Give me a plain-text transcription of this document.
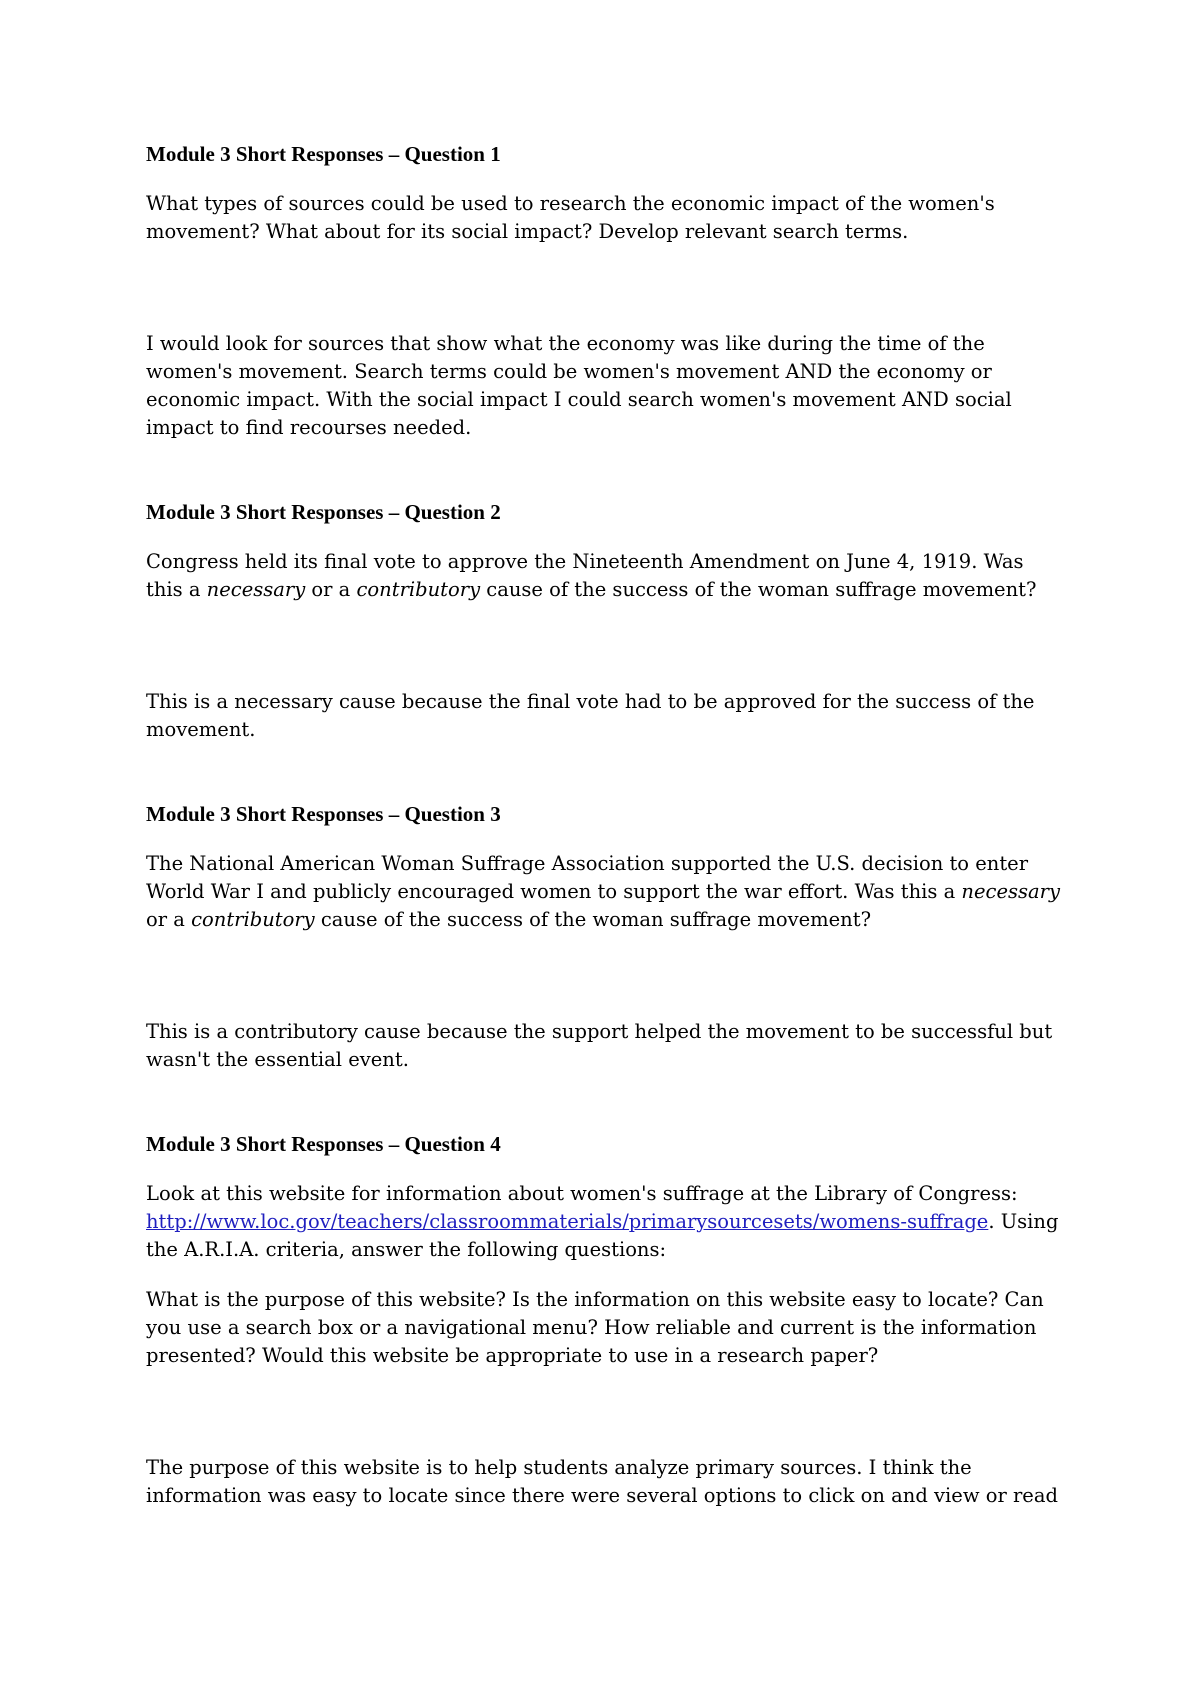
Module 3 Short Responses – Question 1

What types of sources could be used to research the economic impact of the women's movement? What about for its social impact? Develop relevant search terms.

I would look for sources that show what the economy was like during the time of the women's movement. Search terms could be women's movement AND the economy or economic impact. With the social impact I could search women's movement AND social impact to find recourses needed.

Module 3 Short Responses – Question 2

Congress held its final vote to approve the Nineteenth Amendment on June 4, 1919. Was this a necessary or a contributory cause of the success of the woman suffrage movement?

This is a necessary cause because the final vote had to be approved for the success of the movement.

Module 3 Short Responses – Question 3

The National American Woman Suffrage Association supported the U.S. decision to enter World War I and publicly encouraged women to support the war effort. Was this a necessary or a contributory cause of the success of the woman suffrage movement?

This is a contributory cause because the support helped the movement to be successful but wasn't the essential event.

Module 3 Short Responses – Question 4

Look at this website for information about women's suffrage at the Library of Congress: http://www.loc.gov/teachers/classroommaterials/primarysourcesets/womens-suffrage. Using the A.R.I.A. criteria, answer the following questions:

What is the purpose of this website? Is the information on this website easy to locate? Can you use a search box or a navigational menu? How reliable and current is the information presented? Would this website be appropriate to use in a research paper?

The purpose of this website is to help students analyze primary sources. I think the information was easy to locate since there were several options to click on and view or read
